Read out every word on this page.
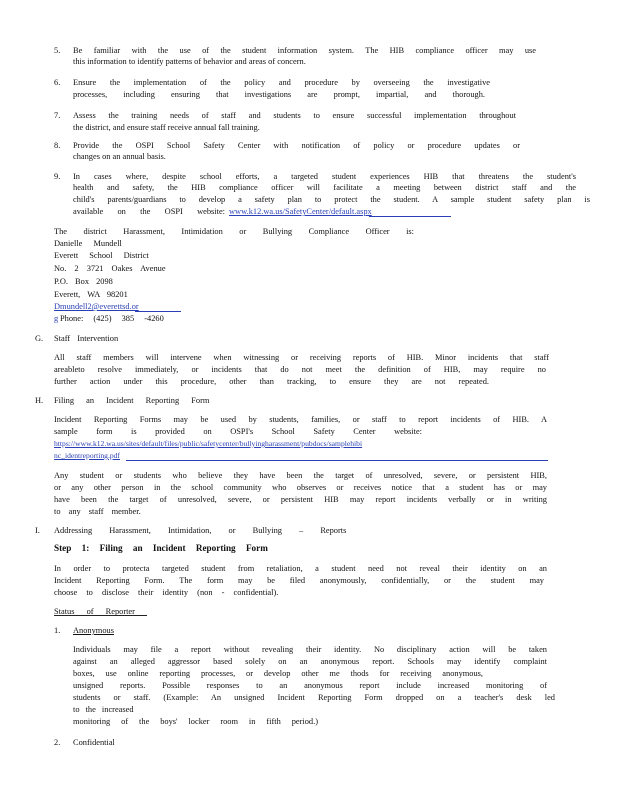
5.	Be familiar with the use of the student information system. The HIB compliance officer may use
this information to identify patterns of behavior and areas of concern.
6.	Ensure the implementation of the policy and procedure by overseeing the investigative
processes, including ensuring that investigations are prompt, impartial, and thorough.
7.	Assess the training needs of staff and students to ensure successful implementation throughout
the district, and ensure staff receive annual fall training.
8.	Provide the OSPI School Safety Center with notification of policy or procedure updates or
changes on an annual basis.
9.	In cases where, despite school efforts, a targeted student experiences HIB that threatens the student's
health and safety, the HIB compliance officer will facilitate a meeting between district staff and the
child's parents/guardians to develop a safety plan to protect the student. A sample student safety plan is
available on the OSPI website: www.k12.wa.us/SafetyCenter/default.aspx
The district Harassment, Intimidation or Bullying Compliance Officer is:
Danielle Mundell
Everett School District
No. 2 3721 Oakes Avenue
P.O. Box 2098
Everett, WA 98201
Dmundell2@everettsd.or
g Phone: (425) 385 -4260
G. Staff Intervention
All staff members will intervene when witnessing or receiving reports of HIB. Minor incidents that staff
areableto resolve immediately, or incidents that do not meet the definition of HIB, may require no
further action under this procedure, other than tracking, to ensure they are not repeated.
H. Filing an Incident Reporting Form
Incident Reporting Forms may be used by students, families, or staff to report incidents of HIB. A
sample form is provided on OSPI's School Safety Center website:
https://www.k12.wa.us/sites/default/files/public/safetycenter/bullyingharassment/pubdocs/samplehibi
nc_identreporting.pdf
Any student or students who believe they have been the target of unresolved, severe, or persistent HIB,
or any other person in the school community who observes or receives notice that a student has or may
have been the target of unresolved, severe, or persistent HIB may report incidents verbally or in writing
to any staff member.
I. Addressing Harassment, Intimidation, or Bullying – Reports
Step 1: Filing an Incident Reporting Form
In order to protecta targeted student from retaliation, a student need not reveal their identity on an
Incident Reporting Form. The form may be filed anonymously, confidentially, or the student may
choose to disclose their identity (non - confidential).
Status of Reporter
1. Anonymous
Individuals may file a report without revealing their identity. No disciplinary action will be taken
against an alleged aggressor based solely on an anonymous report. Schools may identify complaint
boxes, use online reporting processes, or develop other me thods for receiving anonymous,
unsigned reports. Possible responses to an anonymous report include increased monitoring of
students or staff. (Example: An unsigned Incident Reporting Form dropped on a teacher's desk led
to the increased
monitoring of the boys' locker room in fifth period.)
2. Confidential
